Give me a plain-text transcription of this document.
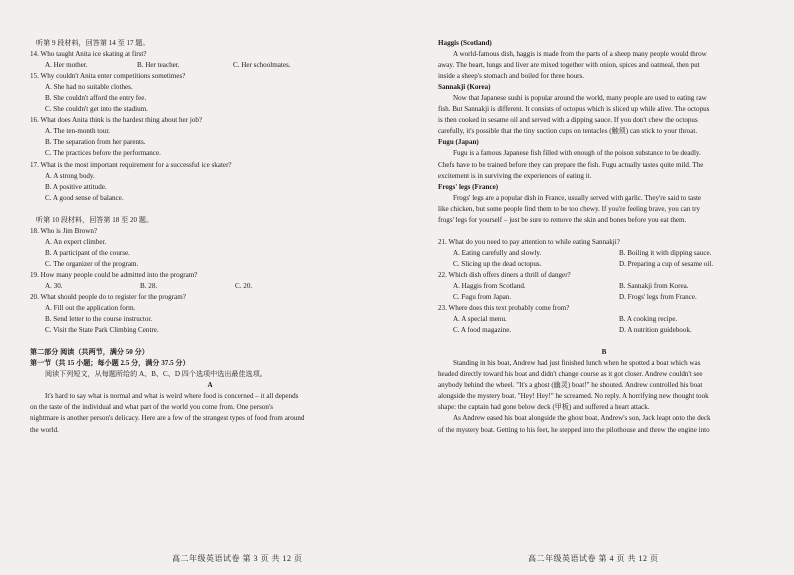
听第 9 段材料，回答第 14 至 17 题。
14. Who taught Anita ice skating at first?
A. Her mother.	B. Her teacher.	C. Her schoolmates.
15. Why couldn't Anita enter competitions sometimes?
A. She had no suitable clothes.
B. She couldn't afford the entry fee.
C. She couldn't get into the stadium.
16. What does Anita think is the hardest thing about her job?
A. The ten-month tour.
B. The separation from her parents.
C. The practices before the performance.
17. What is the most important requirement for a successful ice skater?
A. A strong body.
B. A positive attitude.
C. A good sense of balance.
听第 10 段材料，回答第 18 至 20 题。
18. Who is Jim Brown?
A. An expert climber.
B. A participant of the course.
C. The organizer of the program.
19. How many people could be admitted into the program?
A. 30.	B. 28.	C. 20.
20. What should people do to register for the program?
A. Fill out the application form.
B. Send letter to the course instructor.
C. Visit the State Park Climbing Centre.
第二部分 阅读（共两节，满分 50 分）
第一节（共 15 小题；每小题 2.5 分，满分 37.5 分）
阅读下列短文，从每题所给的 A、B、C、D 四个选项中选出最佳选项。
A
It's hard to say what is normal and what is weird where food is concerned – it all depends
on the taste of the individual and what part of the world you come from. One person's
nightmare is another person's delicacy. Here are a few of the strangest types of food from around
the world.
Haggis (Scotland)
A world-famous dish, haggis is made from the parts of a sheep many people would throw
away. The heart, lungs and liver are mixed together with onion, spices and oatmeal, then put
inside a sheep's stomach and boiled for three hours.
Sannakji (Korea)
Now that Japanese sushi is popular around the world, many people are used to eating raw
fish. But Sannakji is different. It consists of octopus which is sliced up while alive. The octopus
is then cooked in sesame oil and served with a dipping sauce. If you don't chew the octopus
carefully, it's possible that the tiny suction cups on tentacles (触须) can stick to your throat.
Fugu (Japan)
Fugu is a famous Japanese fish filled with enough of the poison substance to be deadly.
Chefs have to be trained before they can prepare the fish. Fugu actually tastes quite mild. The
excitement is in surviving the experiences of eating it.
Frogs' legs (France)
Frogs' legs are a popular dish in France, usually served with garlic. They're said to taste
like chicken, but some people find them to be too chewy. If you're feeling brave, you can try
frogs' legs for yourself – just be sure to remove the skin and bones before you eat them.
21. What do you need to pay attention to while eating Sannakji?
A. Eating carefully and slowly.	B. Boiling it with dipping sauce.
C. Slicing up the dead octopus.	D. Preparing a cup of sesame oil.
22. Which dish offers diners a thrill of danger?
A. Haggis from Scotland.	B. Sannakji from Korea.
C. Fugu from Japan.	D. Frogs' legs from France.
23. Where does this text probably come from?
A. A special menu.	B. A cooking recipe.
C. A food magazine.	D. A nutrition guidebook.
B
Standing in his boat, Andrew had just finished lunch when he spotted a boat which was
headed directly toward his boat and didn't change course as it got closer. Andrew couldn't see
anybody behind the wheel. "It's a ghost (幽灵) boat!" he shouted. Andrew controlled his boat
alongside the mystery boat. "Hey! Hey!" he screamed. No reply. A horrifying new thought took
shape: the captain had gone below deck (甲板) and suffered a heart attack.
As Andrew eased his boat alongside the ghost boat, Andrew's son, Jack leapt onto the deck
of the mystery boat. Getting to his feet, he stepped into the pilothouse and threw the engine into
高二年级英语试卷 第 3 页 共 12 页	高二年级英语试卷 第 4 页 共 12 页
